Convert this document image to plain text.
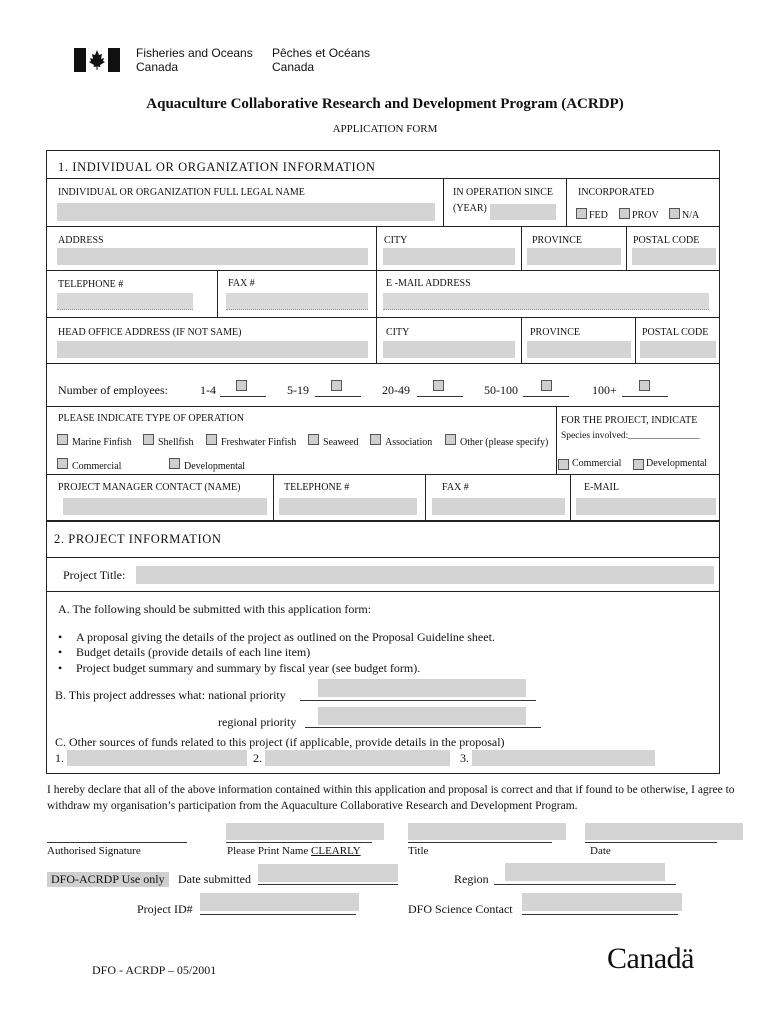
Fisheries and Oceans
Canada
Pêches et Océans
Canada
Aquaculture Collaborative Research and Development Program (ACRDP)
APPLICATION FORM
1. INDIVIDUAL OR ORGANIZATION INFORMATION
INDIVIDUAL OR ORGANIZATION FULL LEGAL NAME	IN OPERATION SINCE
(YEAR)
INCORPORATED
FED PROV N/A
ADDRESS	CITY	PROVINCE	POSTAL CODE
TELEPHONE #	FAX #	E -MAIL ADDRESS
HEAD OFFICE ADDRESS (IF NOT SAME)	CITY	PROVINCE	POSTAL CODE
Number of employees:	1-4	5-19	20-49	50-100	100+
PLEASE INDICATE TYPE OF OPERATION
Marine Finfish	Shellfish	Freshwater Finfish	Seaweed	Association	Other (please specify)
Commercial	Developmental
FOR THE PROJECT, INDICATE
Species involved:_______________
Commercial Developmental
PROJECT MANAGER CONTACT (NAME)	TELEPHONE #	FAX #	E-MAIL
2. PROJECT INFORMATION
Project Title:
A. The following should be submitted with this application form:
• A proposal giving the details of the project as outlined on the Proposal Guideline sheet.
• Budget details (provide details of each line item)
• Project budget summary and summary by fiscal year (see budget form).
B. This project addresses what: national priority
regional priority
C. Other sources of funds related to this project (if applicable, provide details in the proposal)
1.	2.	3.
I hereby declare that all of the above information contained within this application and proposal is correct and that if found to be otherwise, I agree to withdraw my organisation’s participation from the Aquaculture Collaborative Research and Development Program.
Authorised Signature	Please Print Name CLEARLY	Title	Date
DFO-ACRDP Use only	Date submitted	Region
Project ID#	DFO Science Contact
DFO - ACRDP – 05/2001	Canadä
